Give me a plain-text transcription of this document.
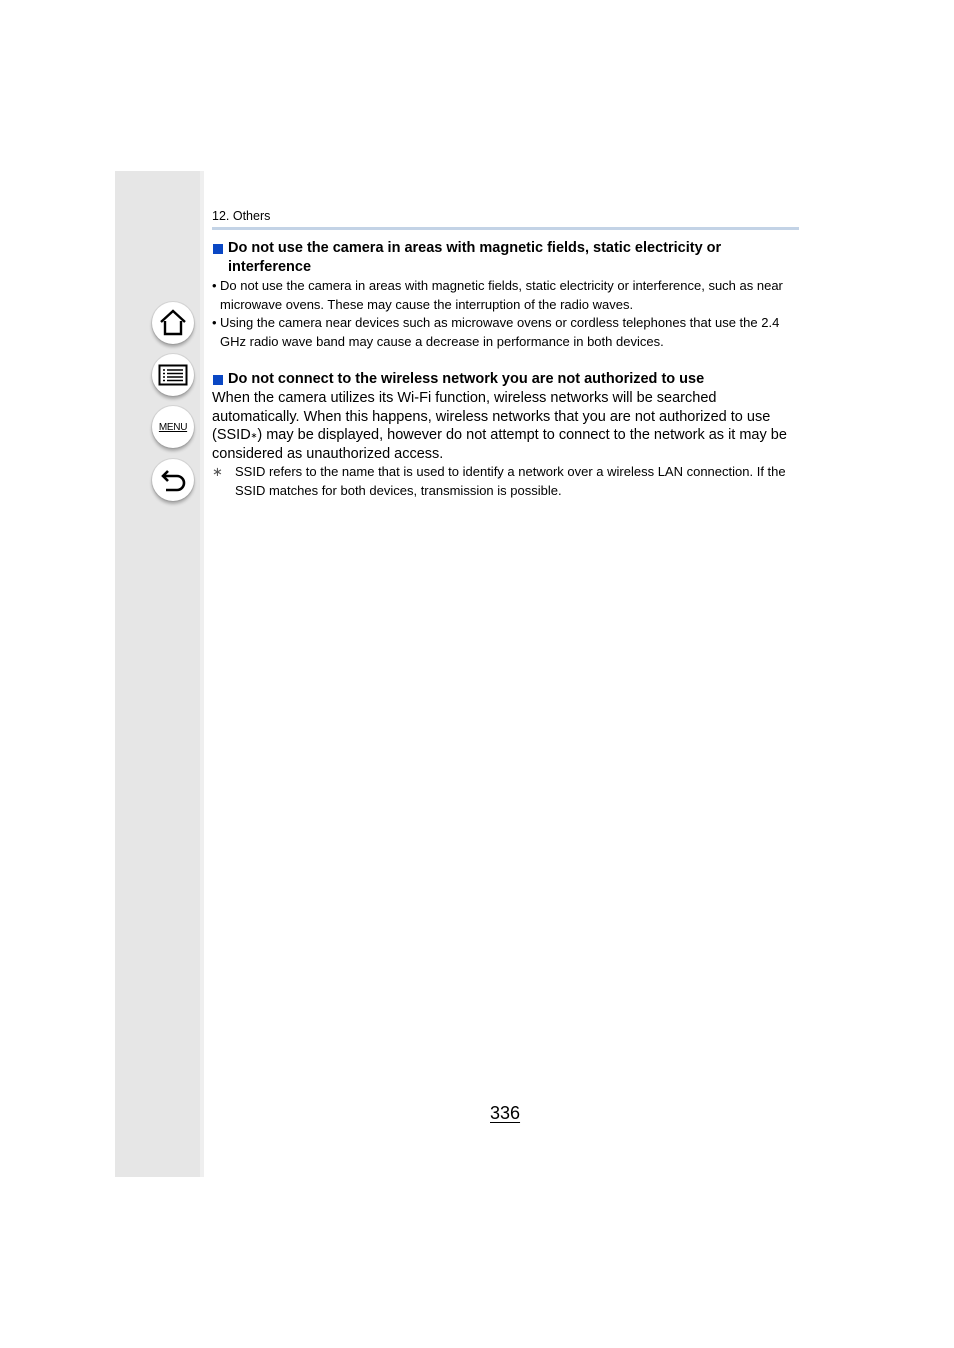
MENU
12. Others
Do not use the camera in areas with magnetic fields, static electricity or interference
• Do not use the camera in areas with magnetic fields, static electricity or interference, such as near microwave ovens. These may cause the interruption of the radio waves.
• Using the camera near devices such as microwave ovens or cordless telephones that use the 2.4 GHz radio wave band may cause a decrease in performance in both devices.
Do not connect to the wireless network you are not authorized to use
When the camera utilizes its Wi-Fi function, wireless networks will be searched automatically. When this happens, wireless networks that you are not authorized to use (SSID∗) may be displayed, however do not attempt to connect to the network as it may be considered as unauthorized access.
∗ SSID refers to the name that is used to identify a network over a wireless LAN connection. If the SSID matches for both devices, transmission is possible.
336
